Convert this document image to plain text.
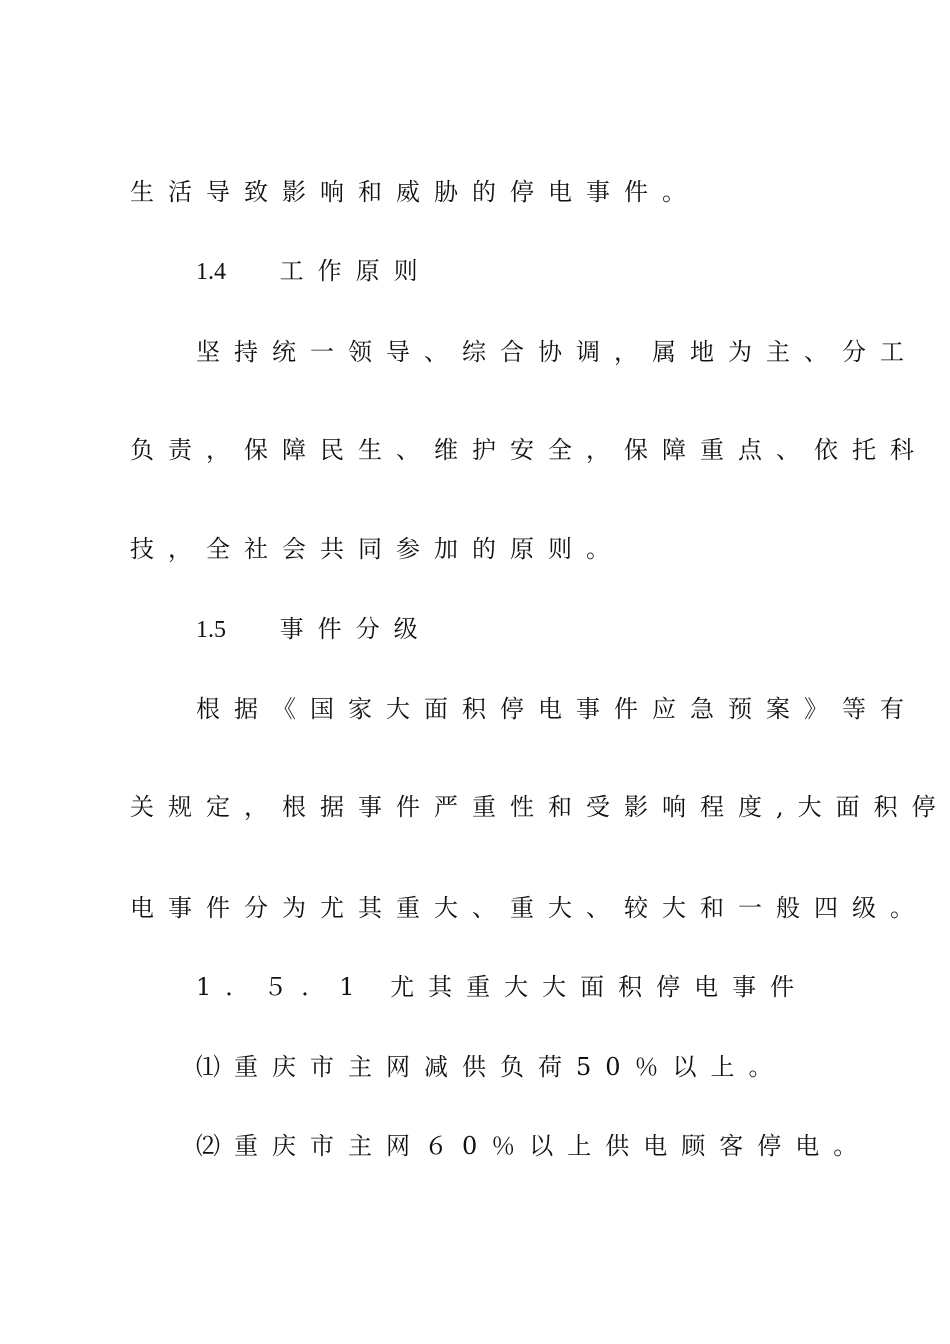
生活导致影响和威胁的停电事件。
1.4 工作原则
坚持统一领导、综合协调，属地为主、分工
负责，保障民生、维护安全，保障重点、依托科
技，全社会共同参加的原则。
1.5 事件分级
根据《国家大面积停电事件应急预案》等有
关规定，根据事件严重性和受影响程度,大面积停
电事件分为尤其重大、重大、较大和一般四级。
1．５．1 尤其重大大面积停电事件
⑴重庆市主网减供负荷50％以上。
⑵重庆市主网６0％以上供电顾客停电。
